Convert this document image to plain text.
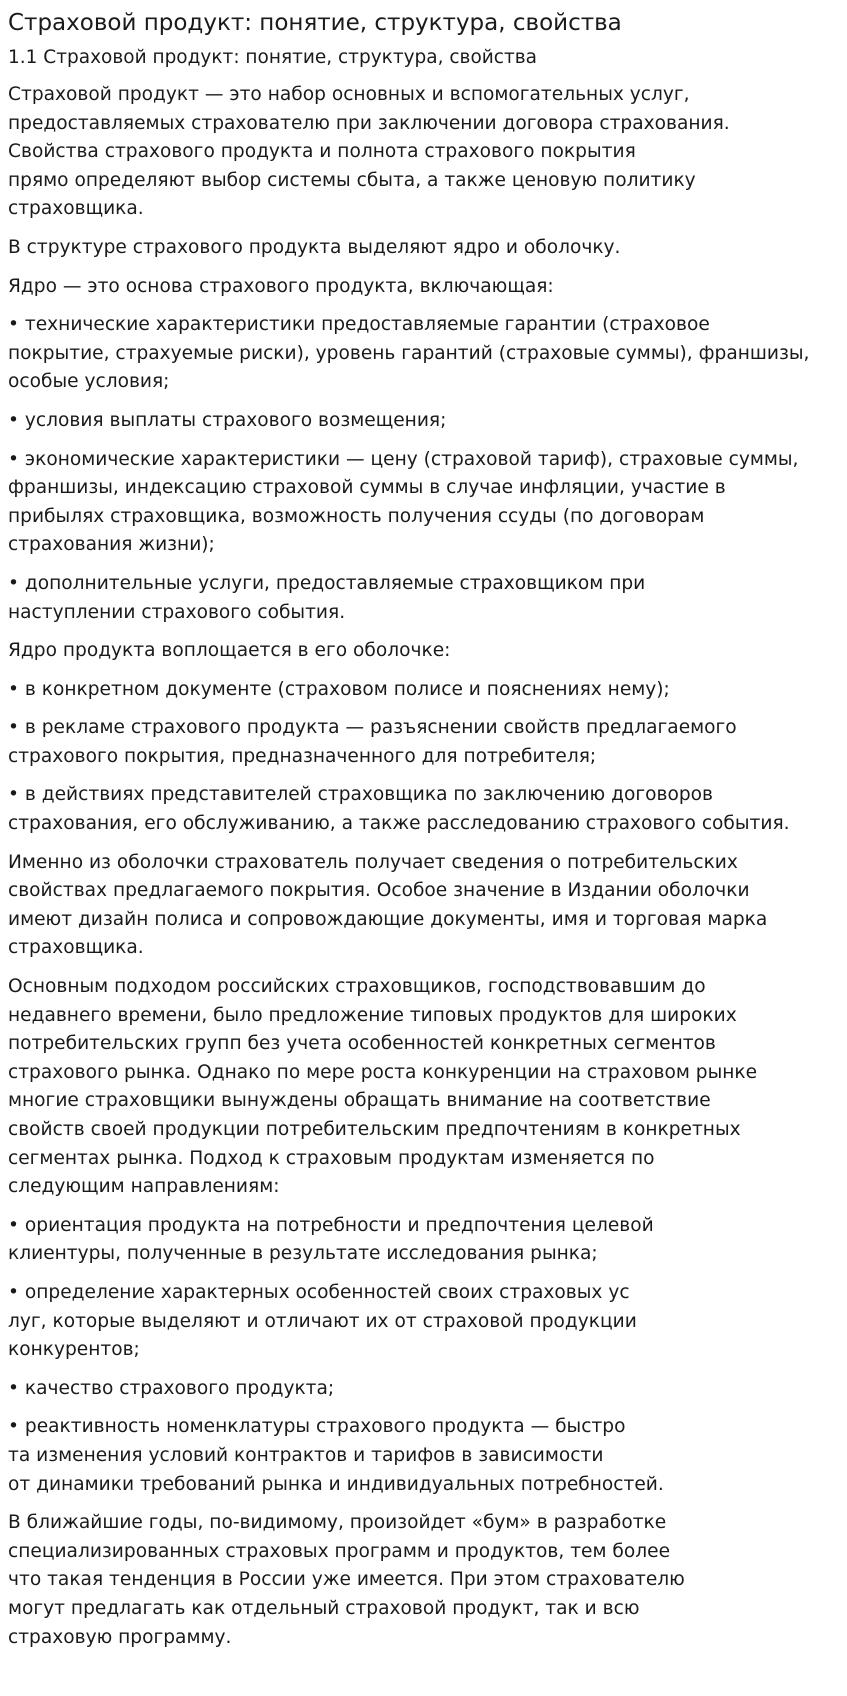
Страховой продукт: понятие, структура, свойства
1.1 Страховой продукт: понятие, структура, свойства

Страховой продукт — это набор основных и вспомогательных услуг,
предоставляемых страхователю при заключении договора страхования.
Свойства страхового продукта и полнота страхового покрытия
прямо определяют выбор системы сбыта, а также ценовую политику
страховщика.

В структуре страхового продукта выделяют ядро и оболочку.

Ядро — это основа страхового продукта, включающая:

• технические характеристики предоставляемые гарантии (страховое
покрытие, страхуемые риски), уровень гарантий (страховые суммы), франшизы,
особые условия;

• условия выплаты страхового возмещения;

• экономические характеристики — цену (страховой тариф), страховые суммы,
франшизы, индексацию страховой суммы в случае инфляции, участие в
прибылях страховщика, возможность получения ссуды (по договорам
страхования жизни);

• дополнительные услуги, предоставляемые страховщиком при
наступлении страхового события.

Ядро продукта воплощается в его оболочке:

• в конкретном документе (страховом полисе и пояснениях нему);

• в рекламе страхового продукта — разъяснении свойств предлагаемого
страхового покрытия, предназначенного для потребителя;

• в действиях представителей страховщика по заключению договоров
страхования, его обслуживанию, а также расследованию страхового события.

Именно из оболочки страхователь получает сведения о потребительских
свойствах предлагаемого покрытия. Особое значение в Издании оболочки
имеют дизайн полиса и сопровождающие документы, имя и торговая марка
страховщика.

Основным подходом российских страховщиков, господствовавшим до
недавнего времени, было предложение типовых продуктов для широких
потребительских групп без учета особенностей конкретных сегментов
страхового рынка. Однако по мере роста конкуренции на страховом рынке
многие страховщики вынуждены обращать внимание на соответствие
свойств своей продукции потребительским предпочтениям в конкретных
сегментах рынка. Подход к страховым продуктам изменяется по
следующим направлениям:

• ориентация продукта на потребности и предпочтения целевой
клиентуры, полученные в результате исследования рынка;

• определение характерных особенностей своих страховых ус
луг, которые выделяют и отличают их от страховой продукции
конкурентов;

• качество страхового продукта;

• реактивность номенклатуры страхового продукта — быстро
та изменения условий контрактов и тарифов в зависимости
от динамики требований рынка и индивидуальных потребностей.

В ближайшие годы, по-видимому, произойдет «бум» в разработке
специализированных страховых программ и продуктов, тем более
что такая тенденция в России уже имеется. При этом страхователю
могут предлагать как отдельный страховой продукт, так и всю
страховую программу.
